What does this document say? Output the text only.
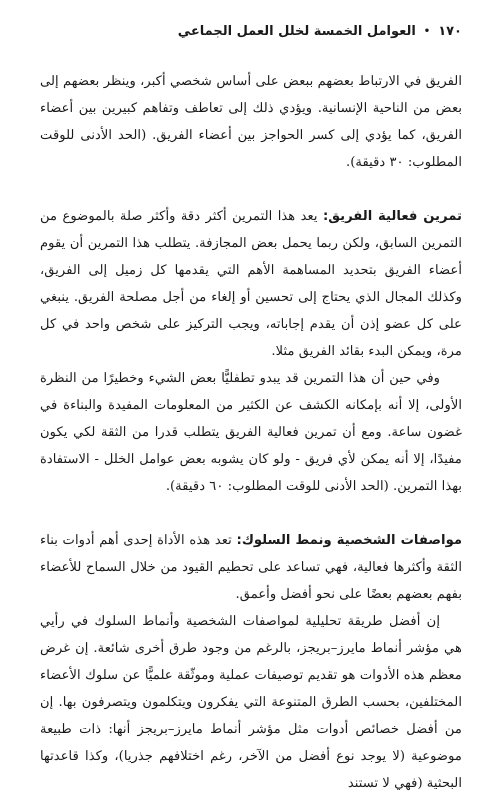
١٧٠
•
العوامل الخمسة لخلل العمل الجماعي

الفريق في الارتباط بعضهم ببعض على أساس شخصي أكبر، وينظر بعضهم إلى بعض من الناحية الإنسانية. ويؤدي ذلك إلى تعاطف وتفاهم كبيرين بين أعضاء الفريق، كما يؤدي إلى كسر الحواجز بين أعضاء الفريق. (الحد الأدنى للوقت المطلوب: ٣٠ دقيقة).

تمرين فعالية الفريق: يعد هذا التمرين أكثر دقة وأكثر صلة بالموضوع من التمرين السابق، ولكن ربما يحمل بعض المجازفة. يتطلب هذا التمرين أن يقوم أعضاء الفريق بتحديد المساهمة الأهم التي يقدمها كل زميل إلى الفريق، وكذلك المجال الذي يحتاج إلى تحسين أو إلغاء من أجل مصلحة الفريق. ينبغي على كل عضو إذن أن يقدم إجاباته، ويجب التركيز على شخص واحد في كل مرة، ويمكن البدء بقائد الفريق مثلا.

وفي حين أن هذا التمرين قد يبدو تطفليًّا بعض الشيء وخطيرًا من النظرة الأولى، إلا أنه بإمكانه الكشف عن الكثير من المعلومات المفيدة والبناءة في غضون ساعة. ومع أن تمرين فعالية الفريق يتطلب قدرا من الثقة لكي يكون مفيدًا، إلا أنه يمكن لأي فريق - ولو كان يشوبه بعض عوامل الخلل - الاستفادة بهذا التمرين. (الحد الأدنى للوقت المطلوب: ٦٠ دقيقة).

مواصفات الشخصية ونمط السلوك: تعد هذه الأداة إحدى أهم أدوات بناء الثقة وأكثرها فعالية، فهي تساعد على تحطيم القيود من خلال السماح للأعضاء بفهم بعضهم بعضًا على نحو أفضل وأعمق.

إن أفضل طريقة تحليلية لمواصفات الشخصية وأنماط السلوك في رأيي هي مؤشر أنماط مايرز–بريجز، بالرغم من وجود طرق أخرى شائعة. إن غرض معظم هذه الأدوات هو تقديم توصيفات عملية وموثّقة علميًّا عن سلوك الأعضاء المختلفين، بحسب الطرق المتنوعة التي يفكرون ويتكلمون ويتصرفون بها. إن من أفضل خصائص أدوات مثل مؤشر أنماط مايرز–بريجز أنها: ذات طبيعة موضوعية (لا يوجد نوع أفضل من الآخر، رغم اختلافهم جذريا)، وكذا قاعدتها البحثية (فهي لا تستند
